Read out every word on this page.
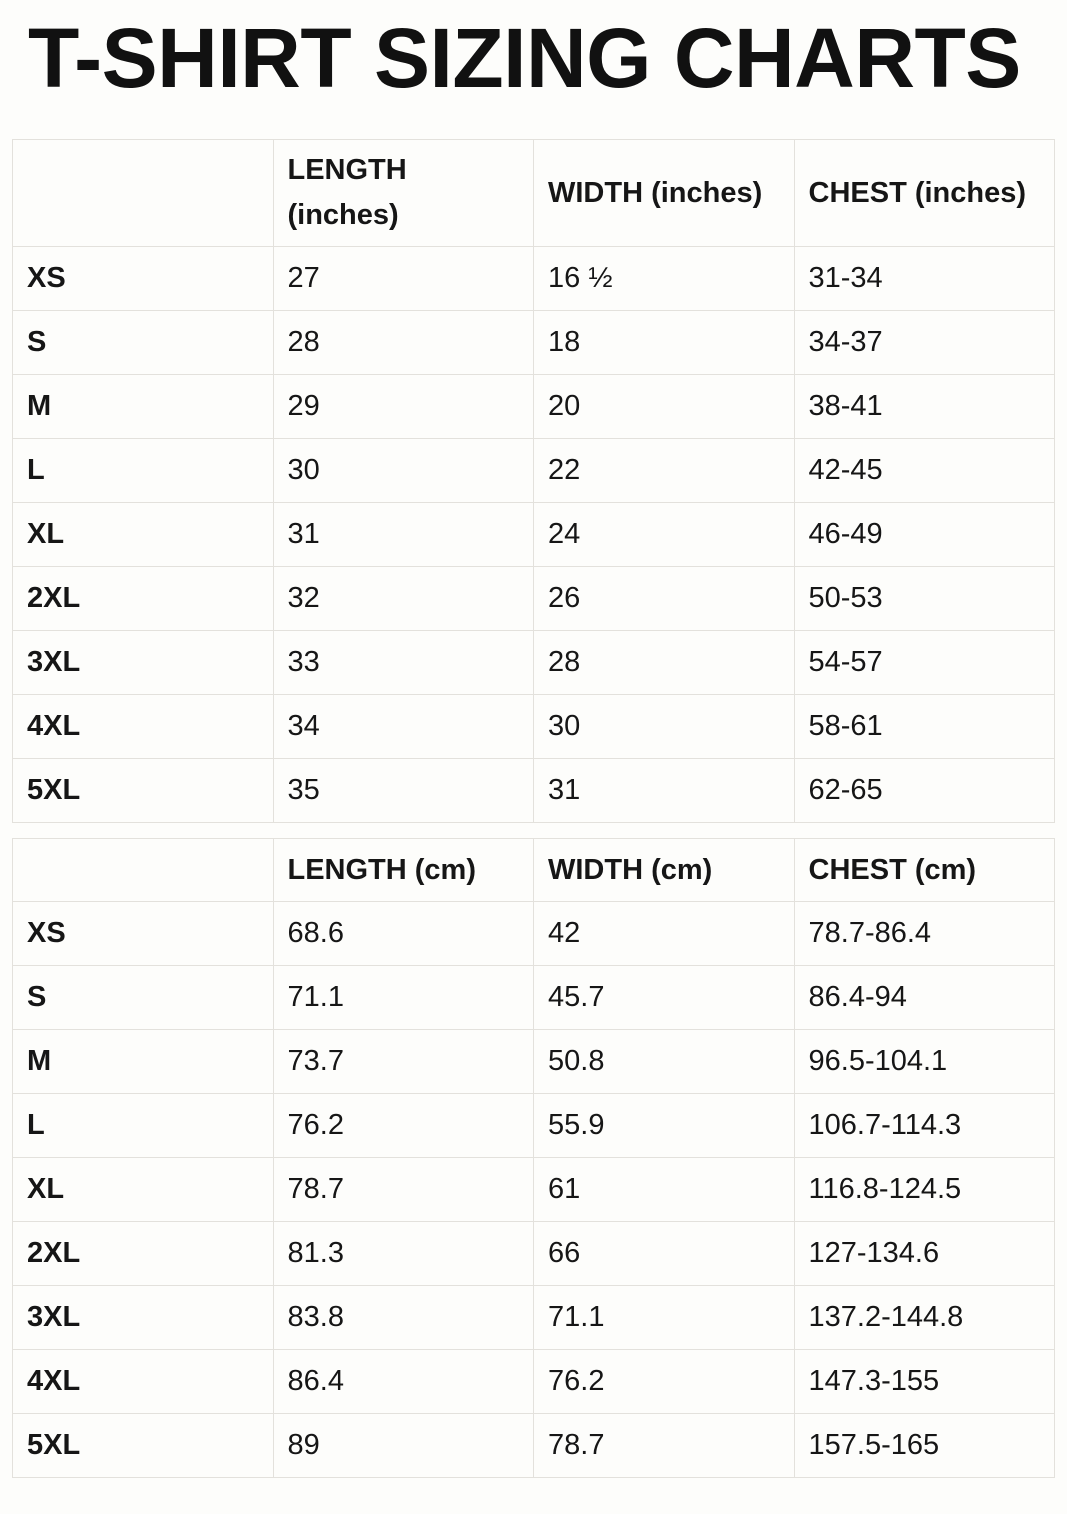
T-SHIRT SIZING CHARTS
	LENGTH (inches)	WIDTH (inches)	CHEST (inches)
XS	27	16 ½	31-34
S	28	18	34-37
M	29	20	38-41
L	30	22	42-45
XL	31	24	46-49
2XL	32	26	50-53
3XL	33	28	54-57
4XL	34	30	58-61
5XL	35	31	62-65
	LENGTH (cm)	WIDTH (cm)	CHEST (cm)
XS	68.6	42	78.7-86.4
S	71.1	45.7	86.4-94
M	73.7	50.8	96.5-104.1
L	76.2	55.9	106.7-114.3
XL	78.7	61	116.8-124.5
2XL	81.3	66	127-134.6
3XL	83.8	71.1	137.2-144.8
4XL	86.4	76.2	147.3-155
5XL	89	78.7	157.5-165
